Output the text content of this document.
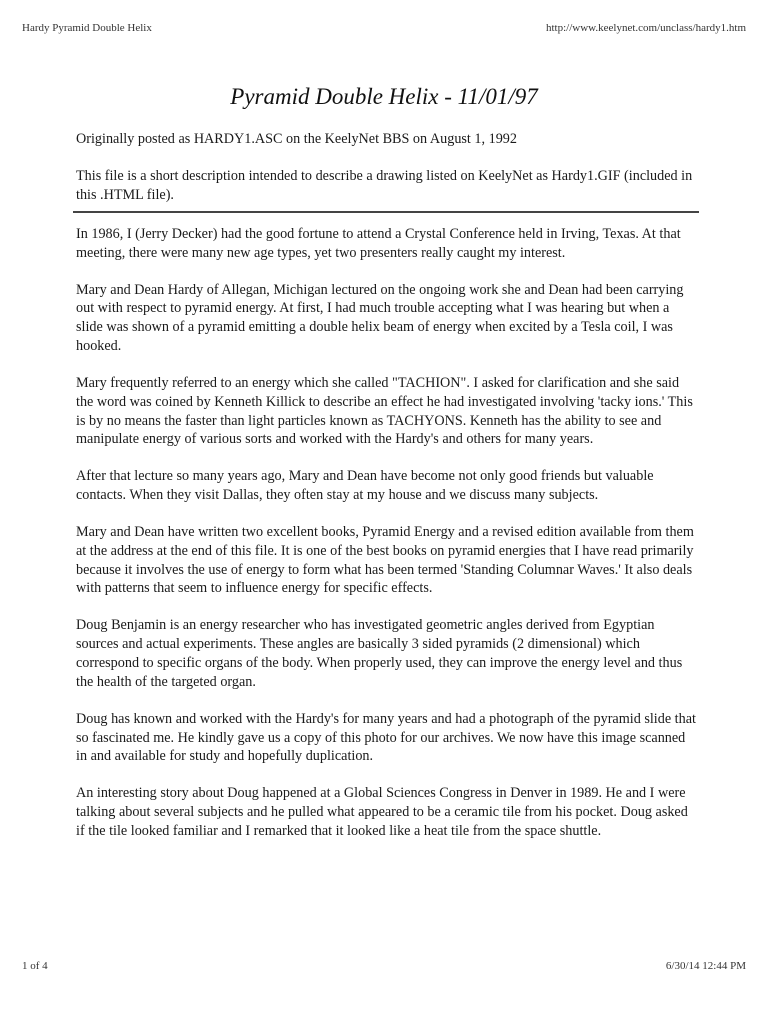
Hardy Pyramid Double Helix	http://www.keelynet.com/unclass/hardy1.htm
Pyramid Double Helix - 11/01/97

Originally posted as HARDY1.ASC on the KeelyNet BBS on August 1, 1992

This file is a short description intended to describe a drawing listed on KeelyNet as Hardy1.GIF (included in this .HTML file).

In 1986, I (Jerry Decker) had the good fortune to attend a Crystal Conference held in Irving, Texas. At that meeting, there were many new age types, yet two presenters really caught my interest.

Mary and Dean Hardy of Allegan, Michigan lectured on the ongoing work she and Dean had been carrying out with respect to pyramid energy. At first, I had much trouble accepting what I was hearing but when a slide was shown of a pyramid emitting a double helix beam of energy when excited by a Tesla coil, I was hooked.

Mary frequently referred to an energy which she called "TACHION". I asked for clarification and she said the word was coined by Kenneth Killick to describe an effect he had investigated involving 'tacky ions.' This is by no means the faster than light particles known as TACHYONS. Kenneth has the ability to see and manipulate energy of various sorts and worked with the Hardy's and others for many years.

After that lecture so many years ago, Mary and Dean have become not only good friends but valuable contacts. When they visit Dallas, they often stay at my house and we discuss many subjects.

Mary and Dean have written two excellent books, Pyramid Energy and a revised edition available from them at the address at the end of this file. It is one of the best books on pyramid energies that I have read primarily because it involves the use of energy to form what has been termed 'Standing Columnar Waves.' It also deals with patterns that seem to influence energy for specific effects.

Doug Benjamin is an energy researcher who has investigated geometric angles derived from Egyptian sources and actual experiments. These angles are basically 3 sided pyramids (2 dimensional) which correspond to specific organs of the body. When properly used, they can improve the energy level and thus the health of the targeted organ.

Doug has known and worked with the Hardy's for many years and had a photograph of the pyramid slide that so fascinated me. He kindly gave us a copy of this photo for our archives. We now have this image scanned in and available for study and hopefully duplication.

An interesting story about Doug happened at a Global Sciences Congress in Denver in 1989. He and I were talking about several subjects and he pulled what appeared to be a ceramic tile from his pocket. Doug asked if the tile looked familiar and I remarked that it looked like a heat tile from the space shuttle.

1 of 4	6/30/14 12:44 PM
